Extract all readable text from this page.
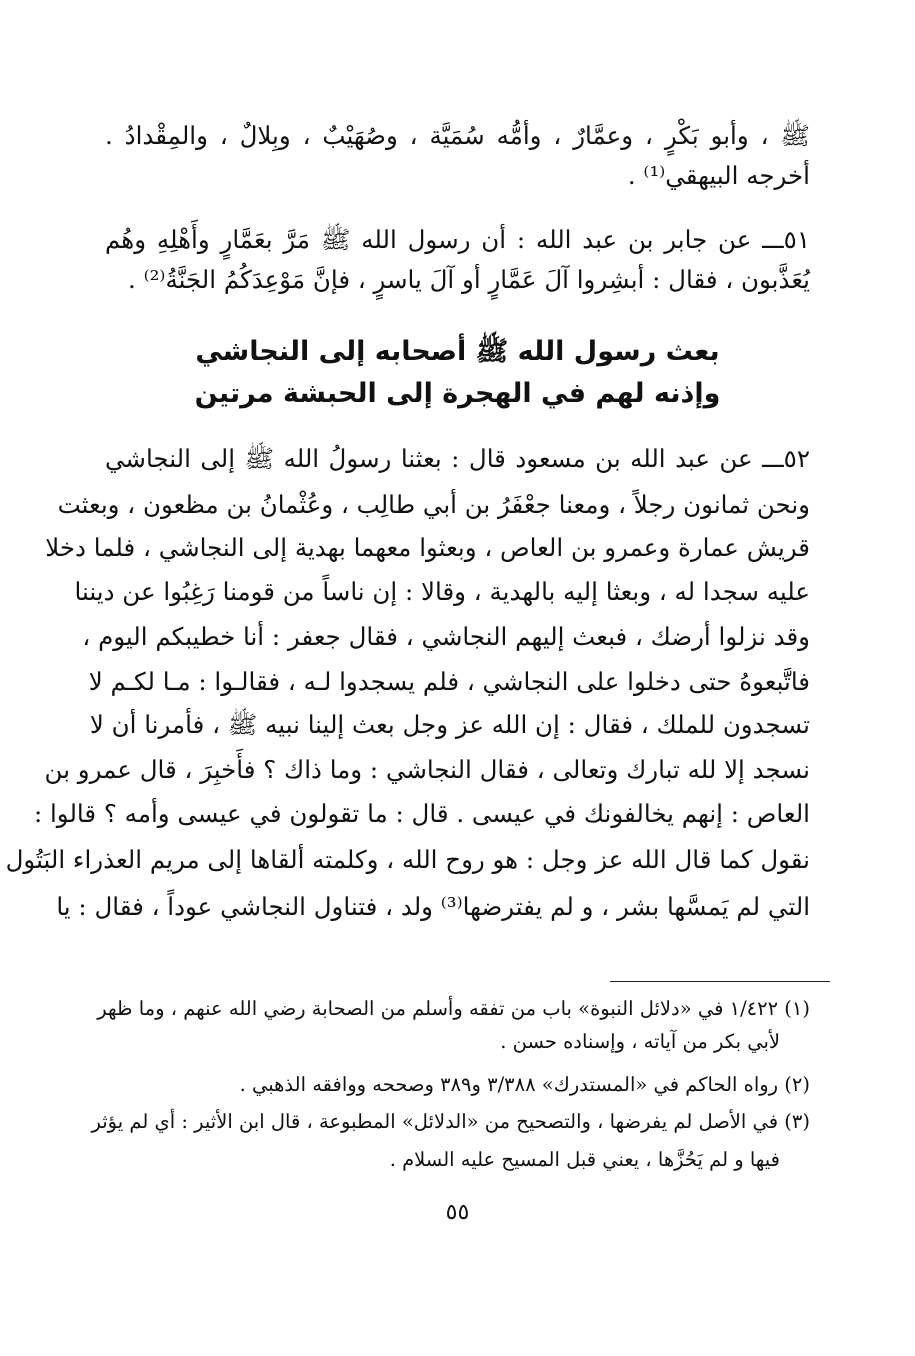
ﷺ ، وأبو بَكْرٍ ، وعمَّارٌ ، وأمُّه سُمَيَّة ، وصُهَيْبٌ ، وبِلالٌ ، والمِقْدادُ .
أخرجه البيهقي⁽¹⁾ .
٥١ـــ عن جابر بن عبد الله : أن رسول الله ﷺ مَرَّ بعَمَّارٍ وأَهْلِهِ وهُم
يُعَذَّبون ، فقال : أبشِروا آلَ عَمَّارٍ أو آلَ ياسرٍ ، فإنَّ مَوْعِدَكُمُ الجَنَّةُ⁽²⁾ .
بعث رسول الله ﷺ أصحابه إلى النجاشي
وإذنه لهم في الهجرة إلى الحبشة مرتين
٥٢ـــ عن عبد الله بن مسعود قال : بعثنا رسولُ الله ﷺ إلى النجاشي
ونحن ثمانون رجلاً ، ومعنا جعْفَرُ بن أبي طالِب ، وعُثْمانُ بن مظعون ، وبعثت
قريش عمارة وعمرو بن العاص ، وبعثوا معهما بهدية إلى النجاشي ، فلما دخلا
عليه سجدا له ، وبعثا إليه بالهدية ، وقالا : إن ناساً من قومنا رَغِبُوا عن ديننا
وقد نزلوا أرضك ، فبعث إليهم النجاشي ، فقال جعفر : أنا خطيبكم اليوم ،
فاتَّبعوهُ حتى دخلوا على النجاشي ، فلم يسجدوا لـه ، فقالـوا : مـا لكـم لا
تسجدون للملك ، فقال : إن الله عز وجل بعث إلينا نبيه ﷺ ، فأمرنا أن لا
نسجد إلا لله تبارك وتعالى ، فقال النجاشي : وما ذاك ؟ فأَخبِرَ ، قال عمرو بن
العاص : إنهم يخالفونك في عيسى . قال : ما تقولون في عيسى وأمه ؟ قالوا :
نقول كما قال الله عز وجل : هو روح الله ، وكلمته ألقاها إلى مريم العذراء البَتُول
التي لم يَمسَّها بشر ، و لم يفترضها⁽³⁾ ولد ، فتناول النجاشي عوداً ، فقال : يا
(١) ١/٤٢٢ في «دلائل النبوة» باب من تفقه وأسلم من الصحابة رضي الله عنهم ، وما ظهر
لأبي بكر من آياته ، وإسناده حسن .
(٢) رواه الحاكم في «المستدرك» ٣/٣٨٨ و٣٨٩ وصححه ووافقه الذهبي .
(٣) في الأصل لم يفرضها ، والتصحيح من «الدلائل» المطبوعة ، قال ابن الأثير : أي لم يؤثر
فيها و لم يَحُزَّها ، يعني قبل المسيح عليه السلام .
٥٥
